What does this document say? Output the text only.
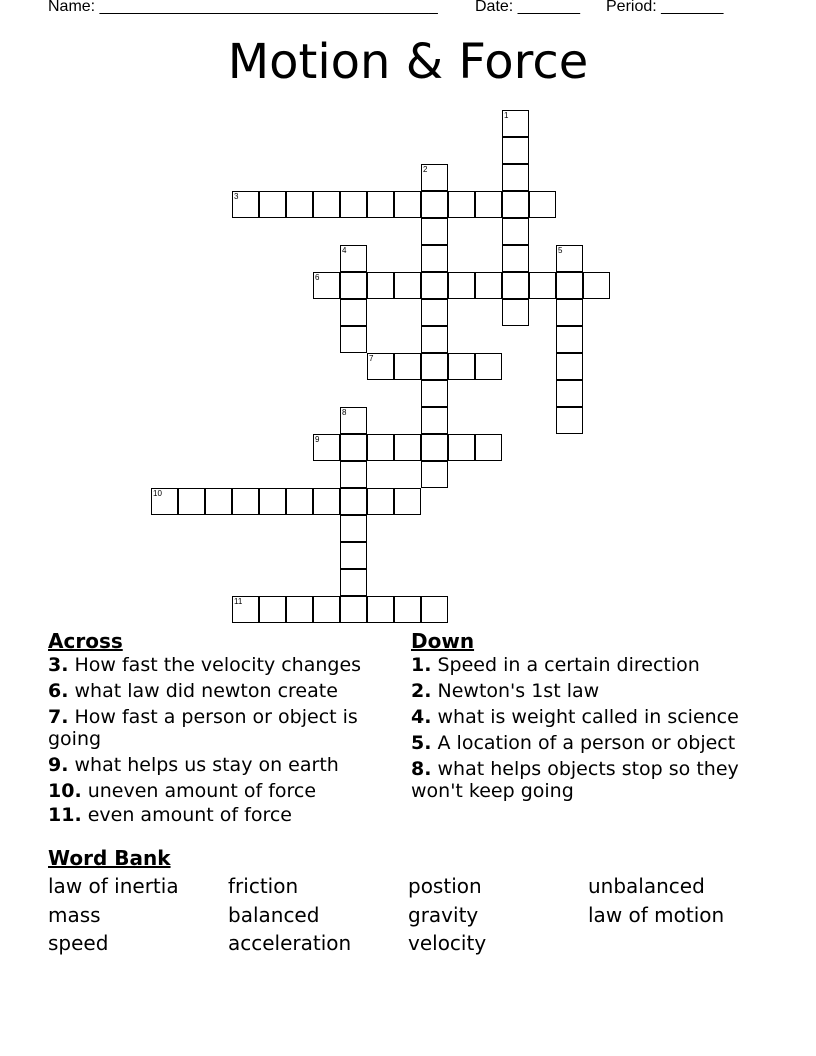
Name: ______________________________________ Date: _______ Period: _______
Motion & Force
1
2
3
4	5
6
7
8
9
10
11
Across
3. How fast the velocity changes
6. what law did newton create
7. How fast a person or object is going
9. what helps us stay on earth
10. uneven amount of force
11. even amount of force
Down
1. Speed in a certain direction
2. Newton's 1st law
4. what is weight called in science
5. A location of a person or object
8. what helps objects stop so they won't keep going
Word Bank
law of inertia	friction	postion	unbalanced
mass	balanced	gravity	law of motion
speed	acceleration	velocity
